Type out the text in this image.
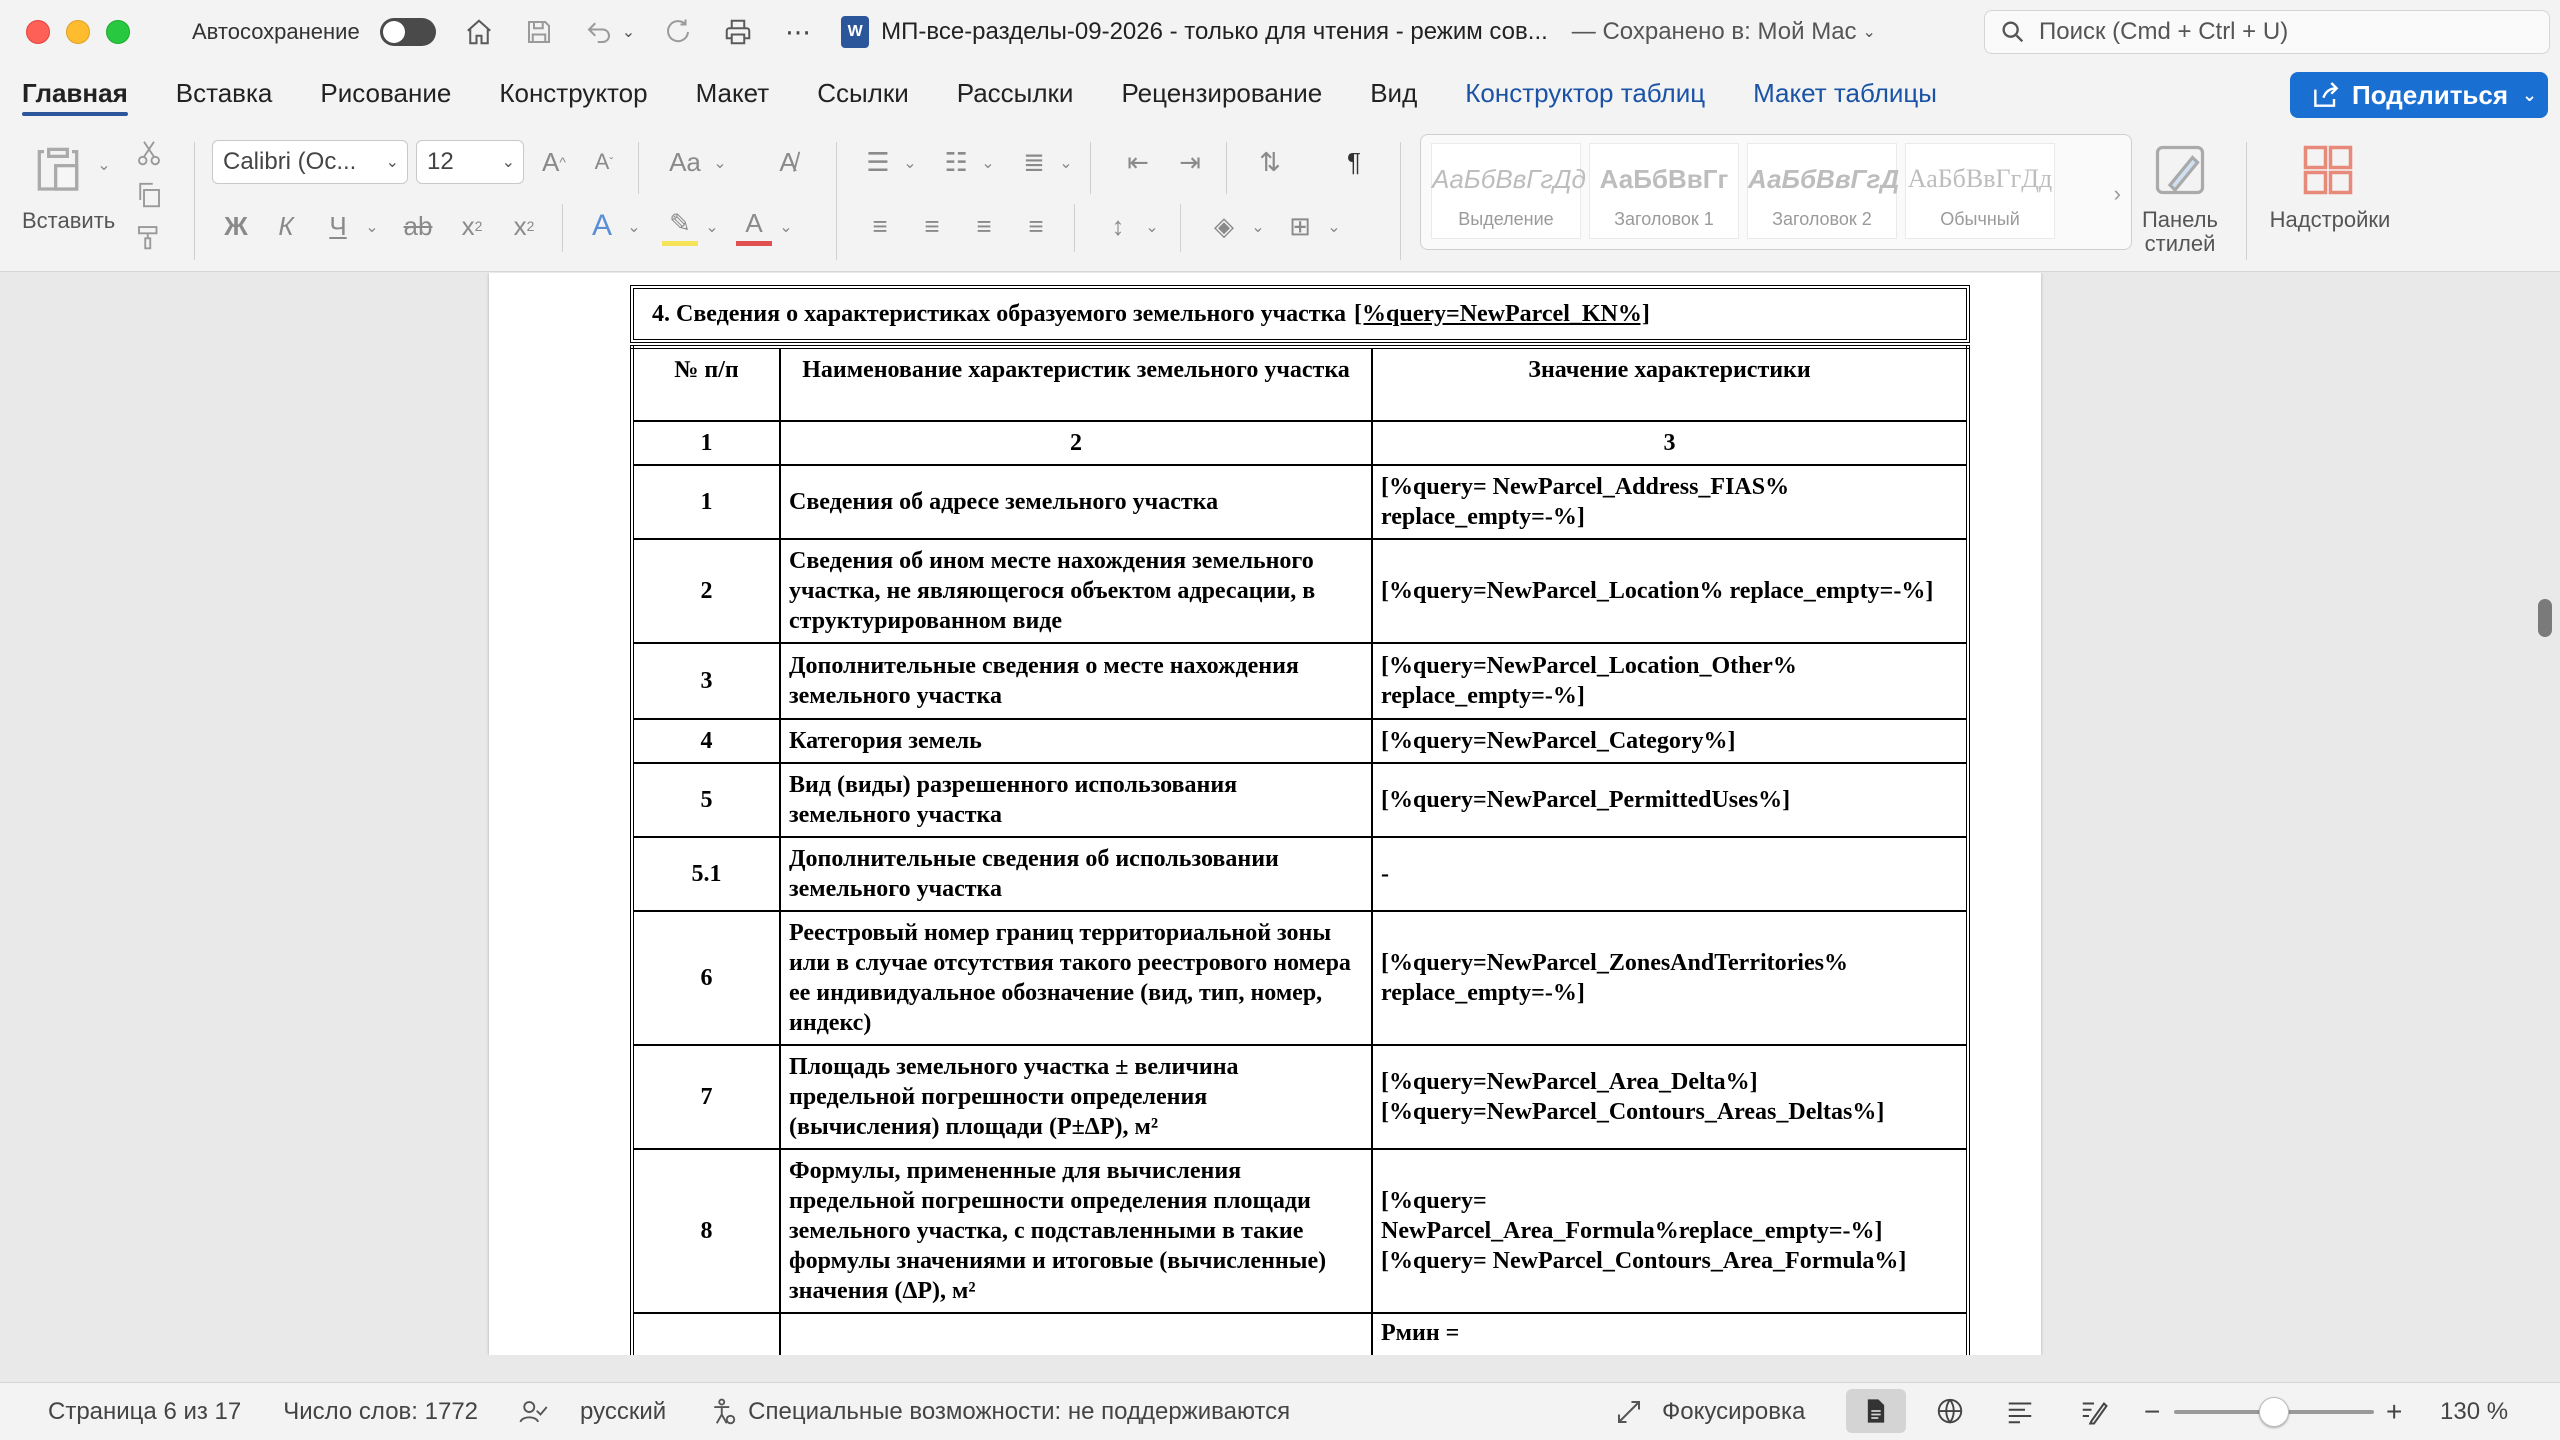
Автосохранение	⌄	⋯	W МП-все-разделы-09-2026 - только для чтения - режим сов... — Сохранено в: Мой Mac ⌄
Поиск (Cmd + Ctrl + U)
Главная Вставка Рисование Конструктор Макет Ссылки Рассылки Рецензирование Вид Конструктор таблиц Макет таблицы	Поделиться ⌄
⌄
Вставить
Calibri (Ос... ⌄ 12	⌄	A ^	A ˇ	Aa ⌄	A̸
Ж	К	Ч	⌄ ab x 2 x 2 A ⌄ ✎ ⌄	A	⌄
☰ ⌄	☷ ⌄	≣ ⌄	⇤	⇥	⇅	¶
≡	≡	≡	≡	↕	⌄	◈	⌄ ⊞	⌄
АаБбВвГгДд
Выделение
АаБбВвГг
Заголовок 1
АаБбВвГгД
Заголовок 2
АаБбВвГгДд
Обычный
›
Панель стилей
Надстройки
4. Сведения о характеристиках образуемого земельного участка [%query=NewParcel_KN%]
№ п/п	Наименование характеристик земельного участка	Значение характеристики
1	2	3
1	Сведения об адресе земельного участка	[%query= NewParcel_Address_FIAS% replace_empty=-%]
2	Сведения об ином месте нахождения земельного участка, не являющегося объектом адресации, в структурированном виде	[%query=NewParcel_Location% replace_empty=-%]
3	Дополнительные сведения о месте нахождения земельного участка	[%query=NewParcel_Location_Other% replace_empty=-%]
4	Категория земель	[%query=NewParcel_Category%]
5	Вид (виды) разрешенного использования земельного участка	[%query=NewParcel_PermittedUses%]
5.1	Дополнительные сведения об использовании земельного участка	-
6	Реестровый номер границ территориальной зоны или в случае отсутствия такого реестрового номера ее индивидуальное обозначение (вид, тип, номер, индекс)	[%query=NewParcel_ZonesAndTerritories% replace_empty=-%]
7	Площадь земельного участка ± величина предельной погрешности определения (вычисления) площади (P±ΔP), м²	[%query=NewParcel_Area_Delta%] [%query=NewParcel_Contours_Areas_Deltas%]
8	Формулы, примененные для вычисления предельной погрешности определения площади земельного участка, с подставленными в такие формулы значениями и итоговые (вычисленные) значения (ΔP), м²	[%query= NewParcel_Area_Formula%replace_empty=-%] [%query= NewParcel_Contours_Area_Formula%]
		Pмин =
Страница 6 из 17 Число слов: 1772	русский	Специальные возможности: не поддерживаются	Фокусировка	−	+ 130 %
